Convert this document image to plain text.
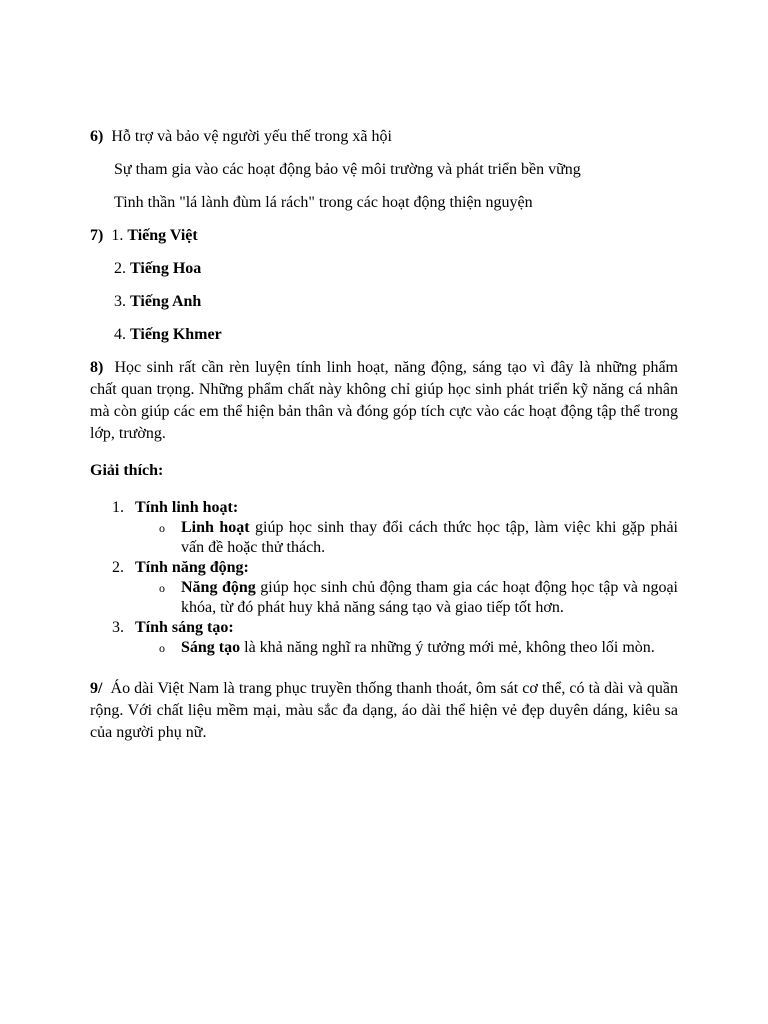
6) Hỗ trợ và bảo vệ người yếu thế trong xã hội

Sự tham gia vào các hoạt động bảo vệ môi trường và phát triển bền vững

Tinh thần "lá lành đùm lá rách" trong các hoạt động thiện nguyện

7) 1. Tiếng Việt

2. Tiếng Hoa

3. Tiếng Anh

4. Tiếng Khmer

8) Học sinh rất cần rèn luyện tính linh hoạt, năng động, sáng tạo vì đây là những phẩm chất quan trọng. Những phẩm chất này không chỉ giúp học sinh phát triển kỹ năng cá nhân mà còn giúp các em thể hiện bản thân và đóng góp tích cực vào các hoạt động tập thể trong lớp, trường.

Giải thích:

1. Tính linh hoạt:
o Linh hoạt giúp học sinh thay đổi cách thức học tập, làm việc khi gặp phải vấn đề hoặc thử thách.
2. Tính năng động:
o Năng động giúp học sinh chủ động tham gia các hoạt động học tập và ngoại khóa, từ đó phát huy khả năng sáng tạo và giao tiếp tốt hơn.
3. Tính sáng tạo:
o Sáng tạo là khả năng nghĩ ra những ý tưởng mới mẻ, không theo lối mòn.

9/ Áo dài Việt Nam là trang phục truyền thống thanh thoát, ôm sát cơ thể, có tà dài và quần rộng. Với chất liệu mềm mại, màu sắc đa dạng, áo dài thể hiện vẻ đẹp duyên dáng, kiêu sa của người phụ nữ.
